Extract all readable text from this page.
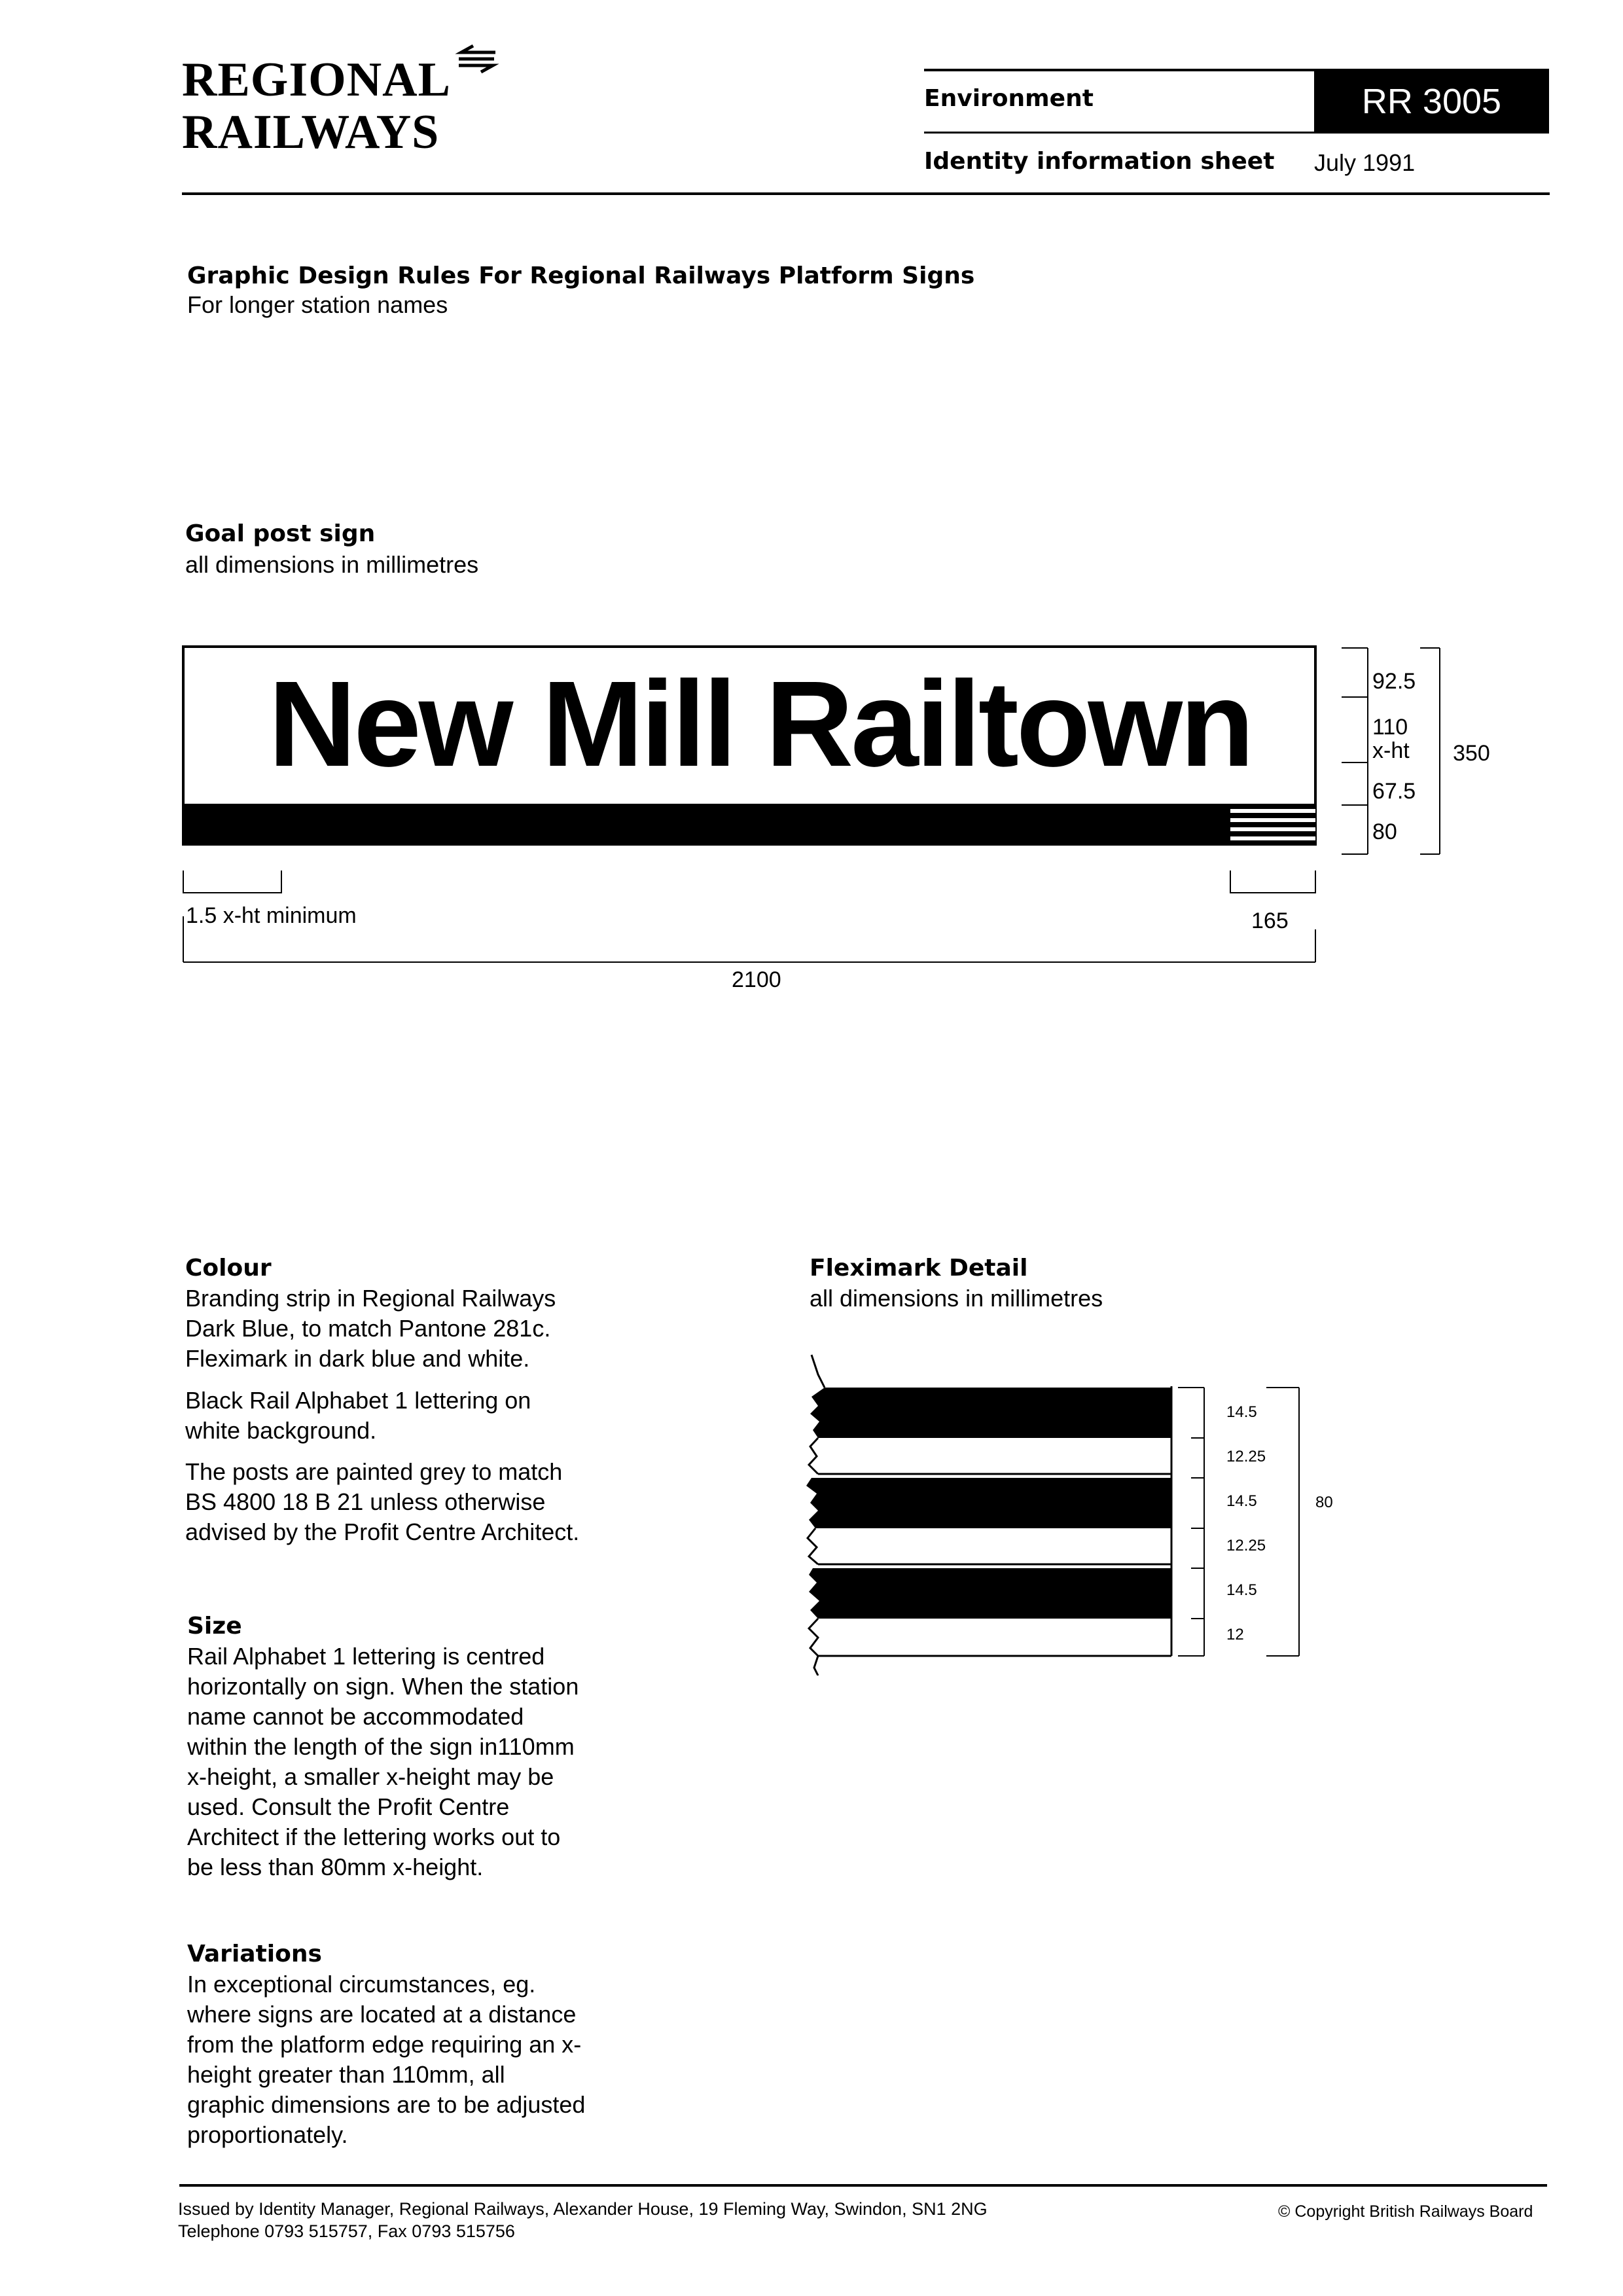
REGIONAL
RAILWAYS
Environment	RR 3005
Identity information sheet July 1991
Graphic Design Rules For Regional Railways Platform Signs
For longer station names
Goal post sign
all dimensions in millimetres
New Mill Railtown	92.5
110
x-ht
67.5
80
350
1.5 x-ht minimum	165
2100
Colour
Branding strip in Regional Railways
Dark Blue, to match Pantone 281c.
Fleximark in dark blue and white.
Black Rail Alphabet 1 lettering on
white background.
The posts are painted grey to match
BS 4800 18 B 21 unless otherwise
advised by the Profit Centre Architect.
Size
Rail Alphabet 1 lettering is centred
horizontally on sign. When the station
name cannot be accommodated
within the length of the sign in110mm
x-height, a smaller x-height may be
used. Consult the Profit Centre
Architect if the lettering works out to
be less than 80mm x-height.
Variations
In exceptional circumstances, eg.
where signs are located at a distance
from the platform edge requiring an x-
height greater than 110mm, all
graphic dimensions are to be adjusted
proportionately.
Fleximark Detail
all dimensions in millimetres
14.5
12.25
14.5
12.25
14.5
12
80
Issued by Identity Manager, Regional Railways, Alexander House, 19 Fleming Way, Swindon, SN1 2NG
Telephone 0793 515757, Fax 0793 515756
© Copyright British Railways Board
